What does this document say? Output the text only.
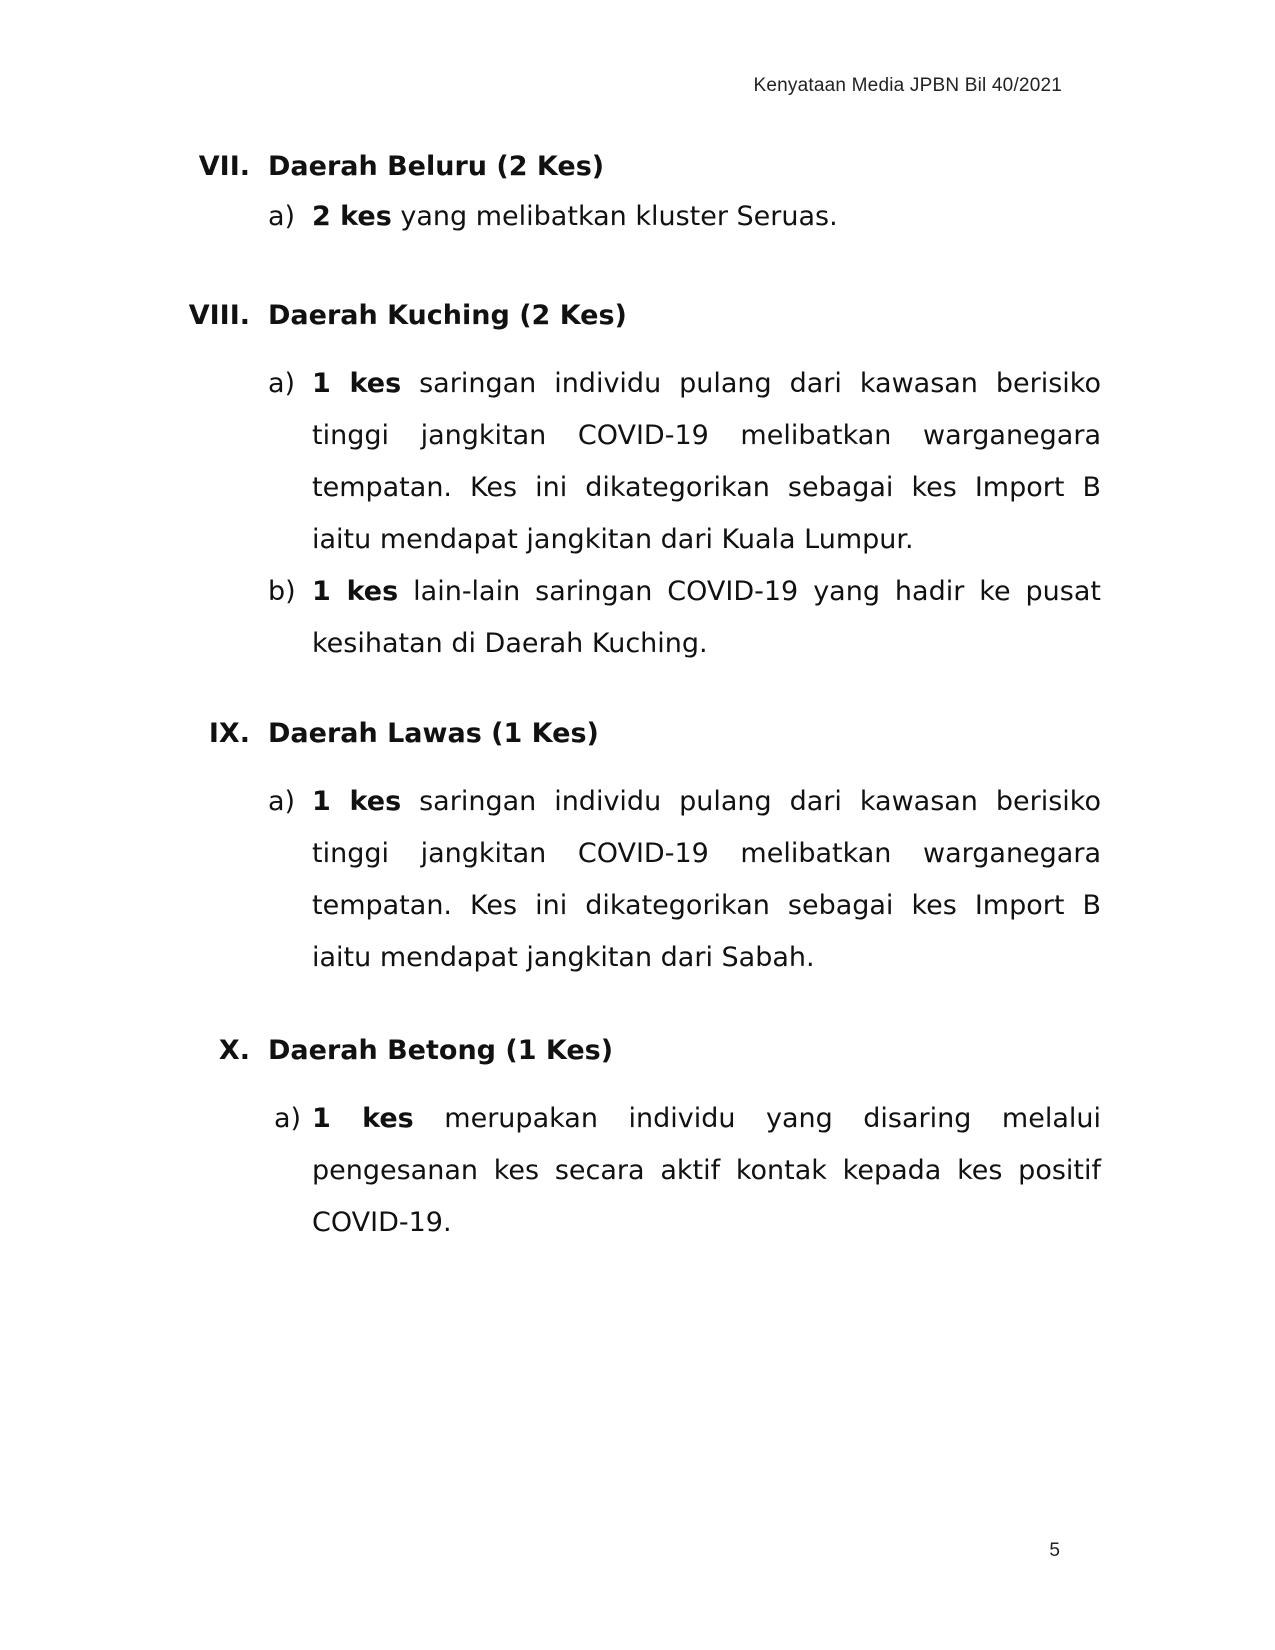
Kenyataan Media JPBN Bil 40/2021
VII. Daerah Beluru (2 Kes)
a) 2 kes yang melibatkan kluster Seruas.
VIII. Daerah Kuching (2 Kes)
a) 1 kes saringan individu pulang dari kawasan berisiko tinggi jangkitan COVID-19 melibatkan warganegara tempatan. Kes ini dikategorikan sebagai kes Import B iaitu mendapat jangkitan dari Kuala Lumpur.
b) 1 kes lain-lain saringan COVID-19 yang hadir ke pusat kesihatan di Daerah Kuching.
IX. Daerah Lawas (1 Kes)
a) 1 kes saringan individu pulang dari kawasan berisiko tinggi jangkitan COVID-19 melibatkan warganegara tempatan. Kes ini dikategorikan sebagai kes Import B iaitu mendapat jangkitan dari Sabah.
X. Daerah Betong (1 Kes)
a) 1 kes merupakan individu yang disaring melalui pengesanan kes secara aktif kontak kepada kes positif COVID-19.
5
